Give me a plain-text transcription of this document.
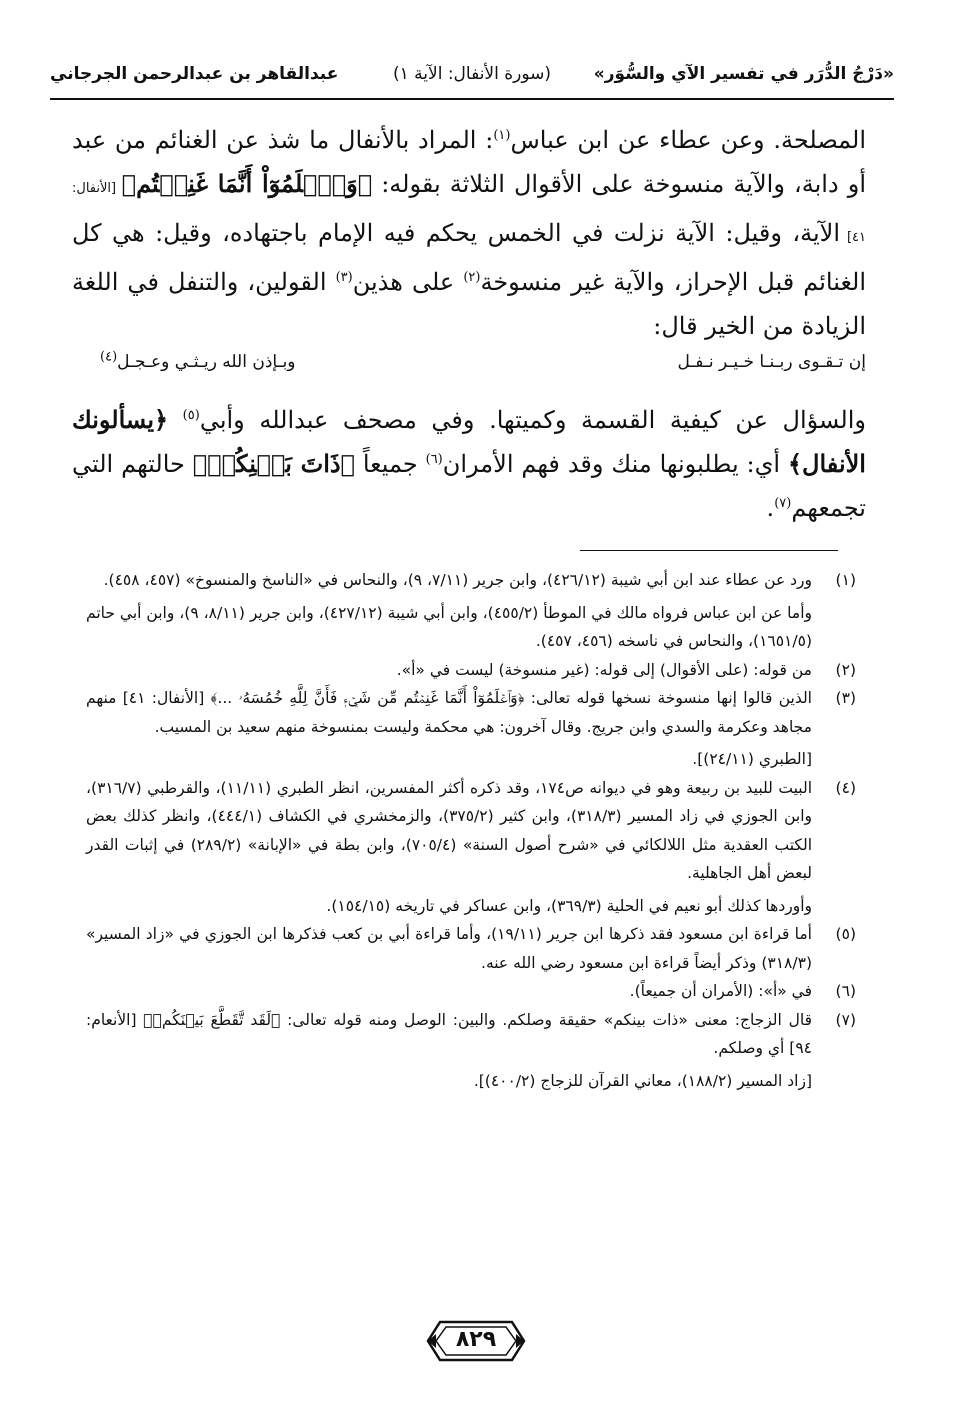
«دَرْجُ الدُّرَر في تفسير الآي والسُّوَر»
(سورة الأنفال: الآية ١)
عبدالقاهر بن عبدالرحمن الجرجاني

المصلحة. وعن عطاء عن ابن عباس$^{(١)}$: المراد بالأنفال ما شذ عن الغنائم من عبد أو دابة، والآية منسوخة على الأقوال الثلاثة بقوله: ﴿وَٱعۡلَمُوٓاْ أَنَّمَا غَنِمۡتُم﴾ [الأنفال: ٤١] الآية، وقيل: الآية نزلت في الخمس يحكم فيه الإمام باجتهاده، وقيل: هي كل الغنائم قبل الإحراز، والآية غير منسوخة$^{(٢)}$ على هذين$^{(٣)}$ القولين، والتنفل في اللغة الزيادة من الخير قال:

إن تـقـوى ربـنـا خـيـر نـفـل
وبـإذن الله ريـثـي وعـجـل$^{(٤)}$

والسؤال عن كيفية القسمة وكميتها. وفي مصحف عبدالله وأبي$^{(٥)}$ ﴿يسألونك الأنفال﴾ أي: يطلبونها منك وقد فهم الأمران$^{(٦)}$ جميعاً ﴿ذَاتَ بَيۡنِكُمۡ﴾ حالتهم التي تجمعهم$^{(٧)}$.

(١)
ورد عن عطاء عند ابن أبي شيبة (٤٢٦/١٢)، وابن جرير (٧/١١، ٩)، والنحاس في «الناسخ والمنسوخ» (٤٥٧، ٤٥٨).
وأما عن ابن عباس فرواه مالك في الموطأ (٤٥٥/٢)، وابن أبي شيبة (٤٢٧/١٢)، وابن جرير (٨/١١، ٩)، وابن أبي حاتم (١٦٥١/٥)، والنحاس في ناسخه (٤٥٦، ٤٥٧).
(٢)
من قوله: (على الأقوال) إلى قوله: (غير منسوخة) ليست في «أ».
(٣)
الذين قالوا إنها منسوخة نسخها قوله تعالى: ﴿وَٱعۡلَمُوٓاْ أَنَّمَا غَنِمۡتُم مِّن شَيۡءٖ فَأَنَّ لِلَّهِ خُمُسَهُۥ ...﴾ [الأنفال: ٤١] منهم مجاهد وعكرمة والسدي وابن جريج. وقال آخرون: هي محكمة وليست بمنسوخة منهم سعيد بن المسيب.
[الطبري (٢٤/١١)].
(٤)
البيت للبيد بن ربيعة وهو في ديوانه ص١٧٤، وقد ذكره أكثر المفسرين، انظر الطبري (١١/١١)، والقرطبي (٣١٦/٧)، وابن الجوزي في زاد المسير (٣١٨/٣)، وابن كثير (٣٧٥/٢)، والزمخشري في الكشاف (٤٤٤/١)، وانظر كذلك بعض الكتب العقدية مثل اللالكائي في «شرح أصول السنة» (٧٠٥/٤)، وابن بطة في «الإبانة» (٢٨٩/٢) في إثبات القدر لبعض أهل الجاهلية.
وأوردها كذلك أبو نعيم في الحلية (٣٦٩/٣)، وابن عساكر في تاريخه (١٥٤/١٥).
(٥)
أما قراءة ابن مسعود فقد ذكرها ابن جرير (١٩/١١)، وأما قراءة أبي بن كعب فذكرها ابن الجوزي في «زاد المسير» (٣١٨/٣) وذكر أيضاً قراءة ابن مسعود رضي الله عنه.
(٦)
في «أ»: (الأمران أن جميعاً).
(٧)
قال الزجاج: معنى «ذات بينكم» حقيقة وصلكم. والبين: الوصل ومنه قوله تعالى: ﴿لَقَد تَّقَطَّعَ بَيۡنَكُمۡ﴾ [الأنعام: ٩٤] أي وصلكم.
[زاد المسير (١٨٨/٢)، معاني القرآن للزجاج (٤٠٠/٢)].
٨٢٩
